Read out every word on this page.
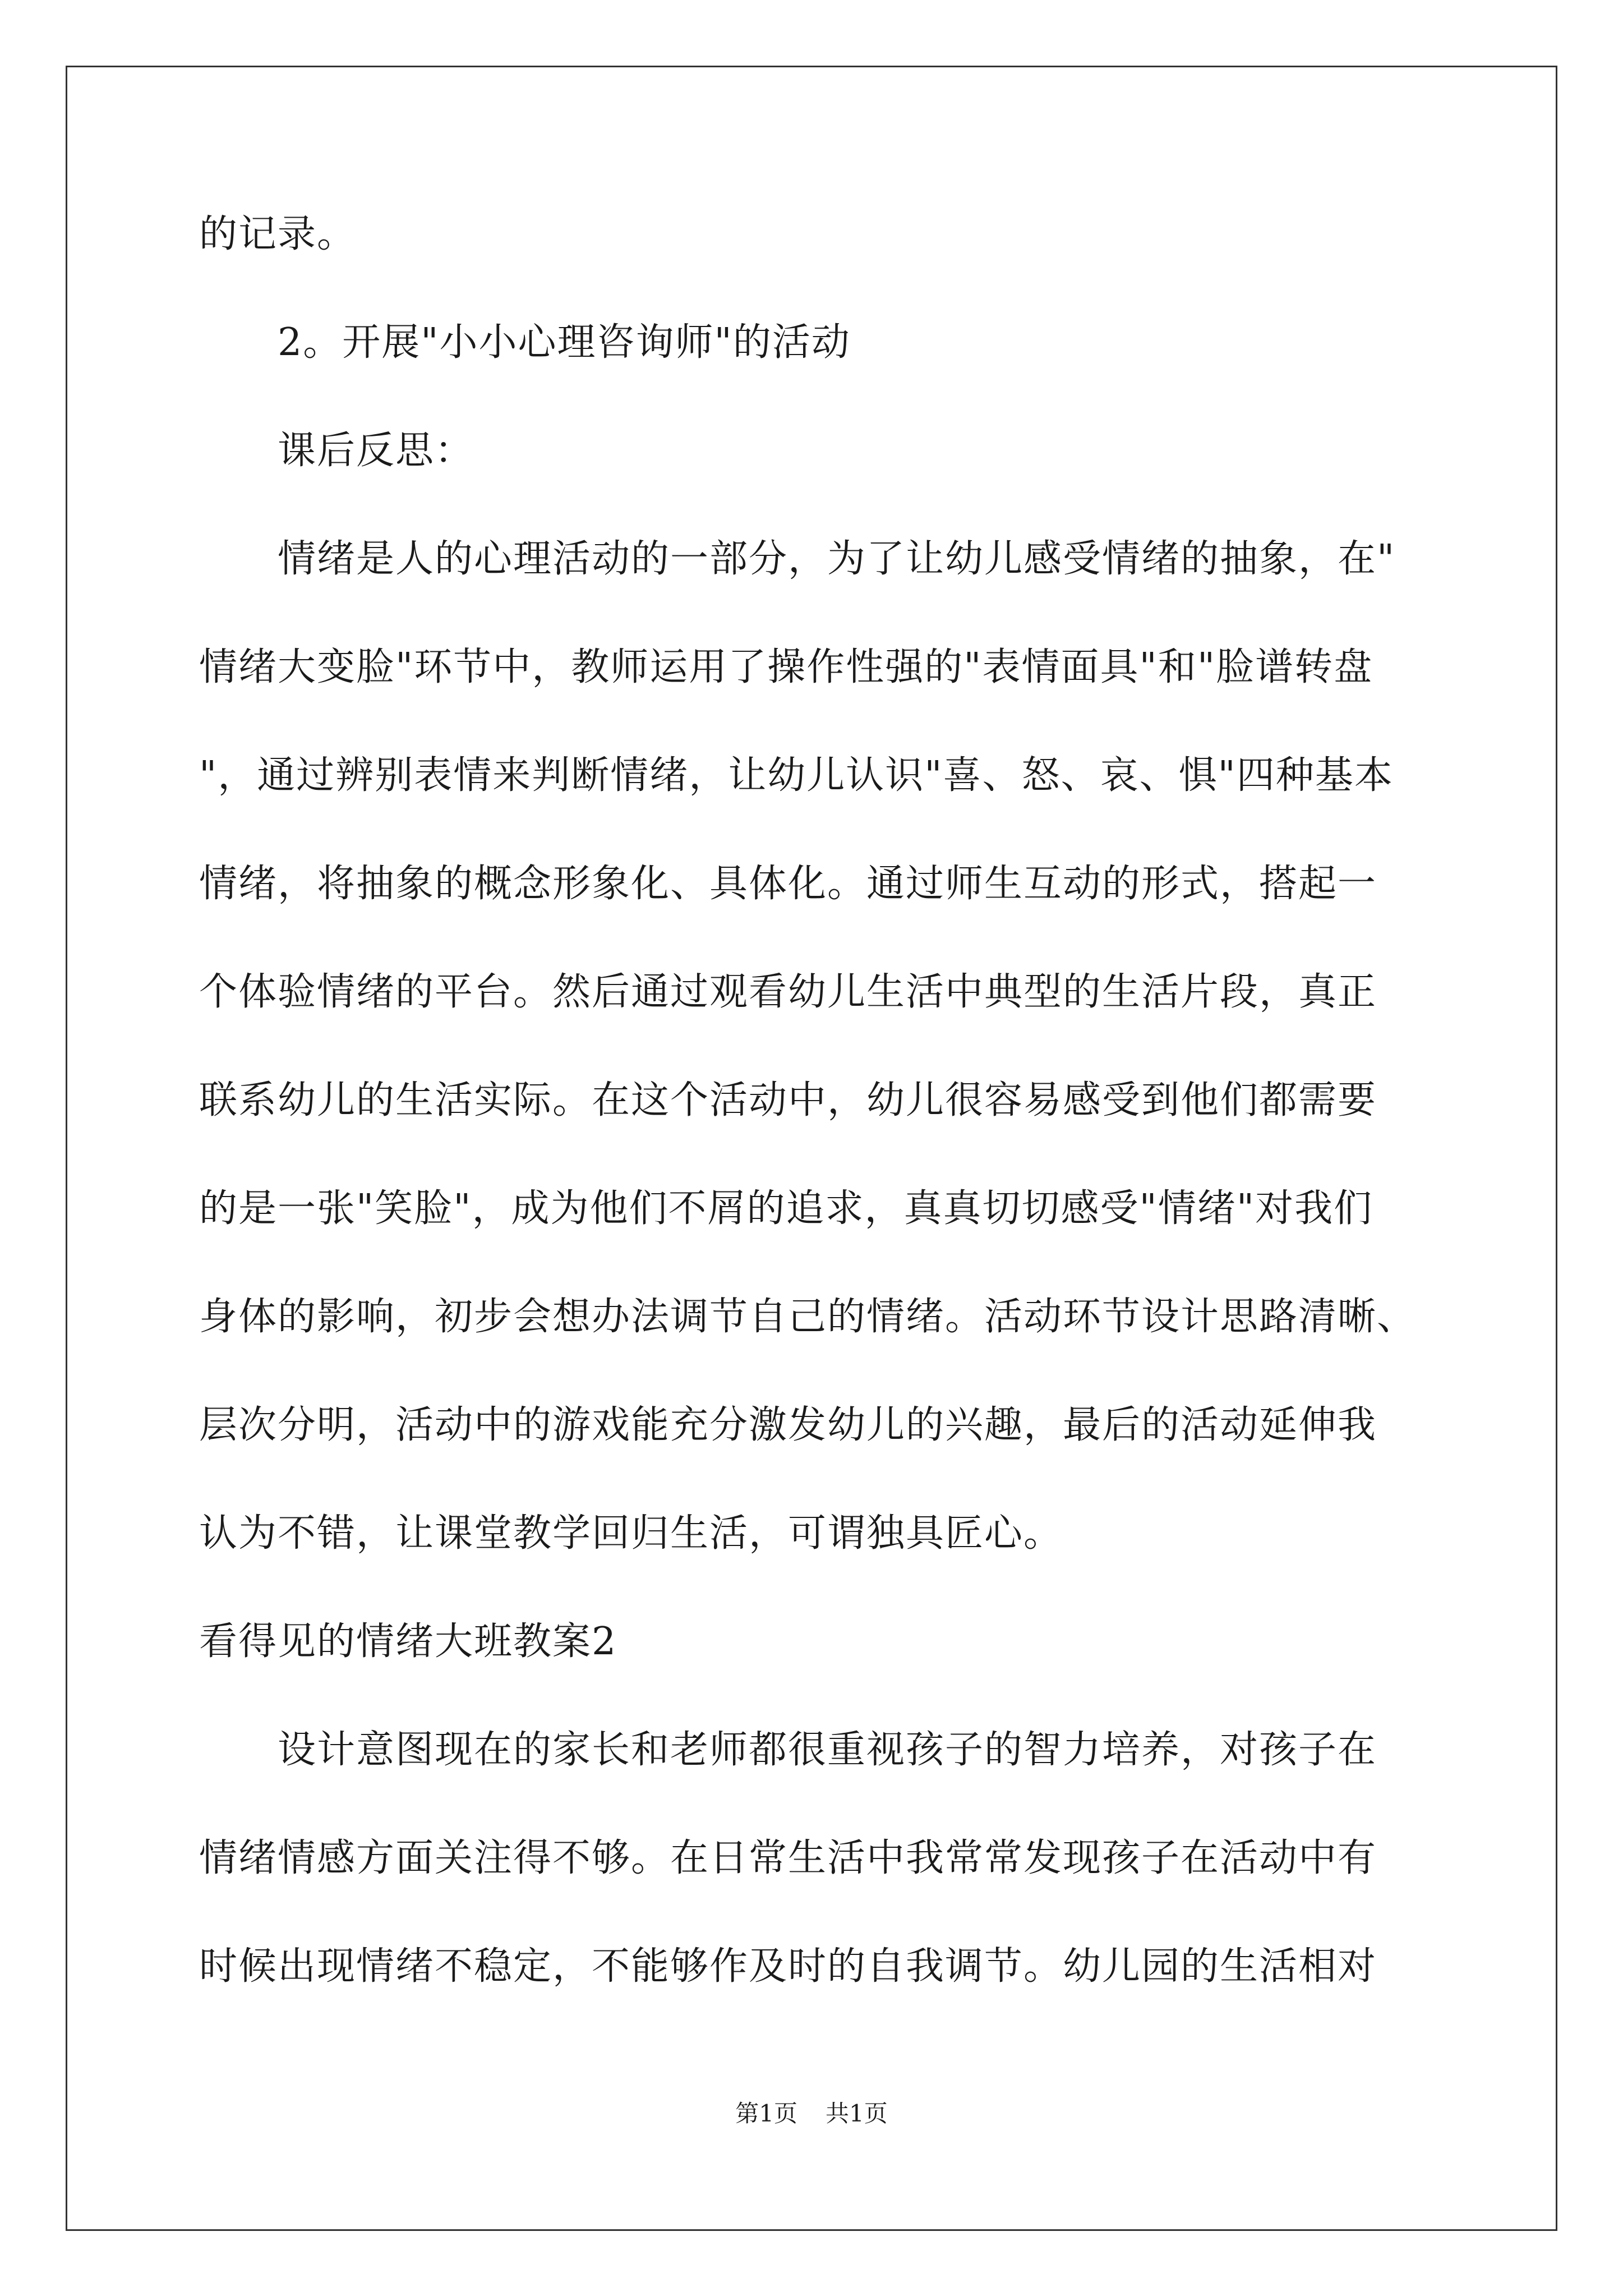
的记录。
2。开展"小小心理咨询师"的活动
课后反思：
情绪是人的心理活动的一部分，为了让幼儿感受情绪的抽象，在"
情绪大变脸"环节中，教师运用了操作性强的"表情面具"和"脸谱转盘
"，通过辨别表情来判断情绪，让幼儿认识"喜、怒、哀、惧"四种基本
情绪，将抽象的概念形象化、具体化。通过师生互动的形式，搭起一
个体验情绪的平台。然后通过观看幼儿生活中典型的生活片段，真正
联系幼儿的生活实际。在这个活动中，幼儿很容易感受到他们都需要
的是一张"笑脸"，成为他们不屑的追求，真真切切感受"情绪"对我们
身体的影响，初步会想办法调节自己的情绪。活动环节设计思路清晰、
层次分明，活动中的游戏能充分激发幼儿的兴趣，最后的活动延伸我
认为不错，让课堂教学回归生活，可谓独具匠心。
看得见的情绪大班教案2
设计意图现在的家长和老师都很重视孩子的智力培养，对孩子在
情绪情感方面关注得不够。在日常生活中我常常发现孩子在活动中有
时候出现情绪不稳定，不能够作及时的自我调节。幼儿园的生活相对
第1页 共1页
